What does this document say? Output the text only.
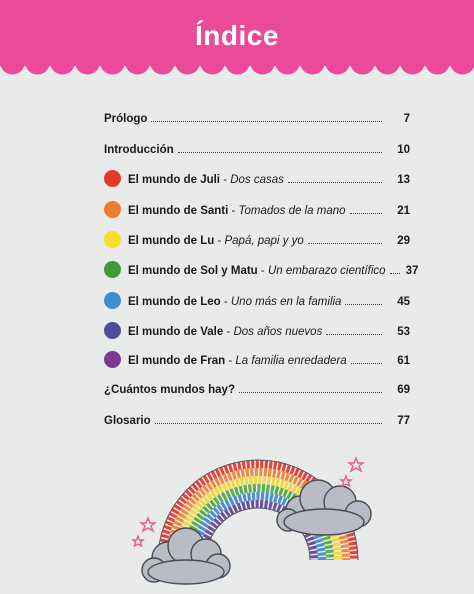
Índice
Prólogo	7
Introducción	10
El mundo de Juli - Dos casas	13
El mundo de Santi - Tomados de la mano	21
El mundo de Lu - Papá, papi y yo	29
El mundo de Sol y Matu - Un embarazo científico 37
El mundo de Leo - Uno más en la familia	45
El mundo de Vale - Dos años nuevos	53
El mundo de Fran - La familia enredadera	61
¿Cuántos mundos hay?	69
Glosario	77
